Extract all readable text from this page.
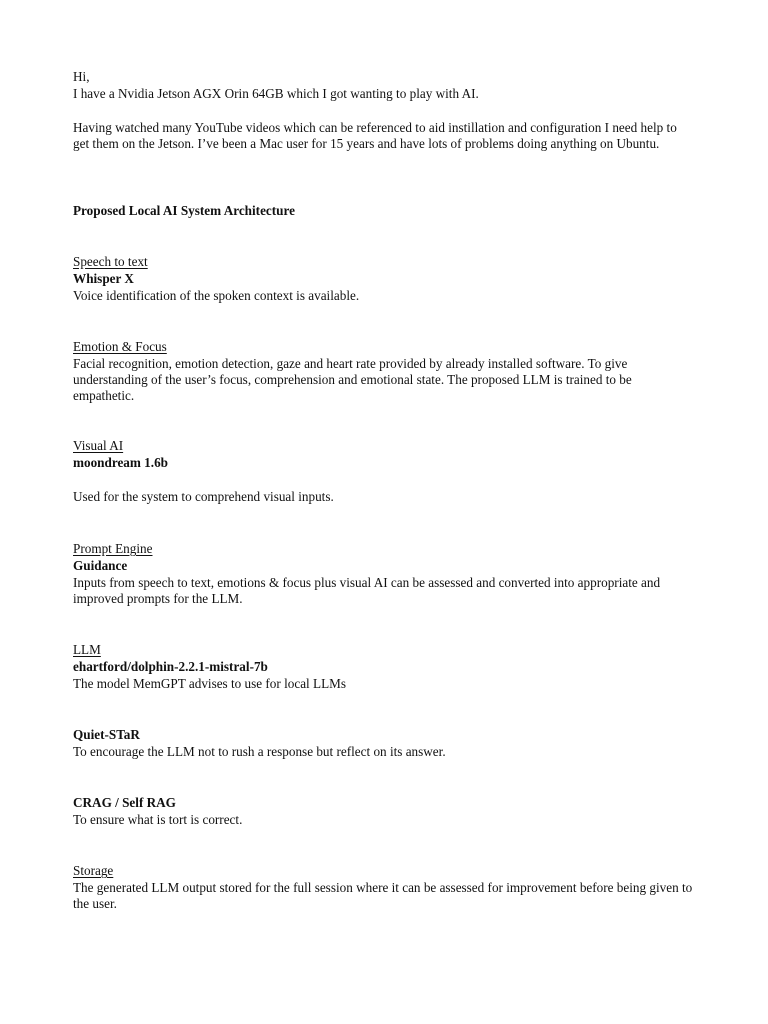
Hi,

I have a Nvidia Jetson AGX Orin 64GB which I got wanting to play with AI.

Having watched many YouTube videos which can be referenced to aid instillation and configuration I need help to get them on the Jetson. I’ve been a Mac user for 15 years and have lots of problems doing anything on Ubuntu.

Proposed Local AI System Architecture

Speech to text

Whisper X

Voice identification of the spoken context is available.

Emotion & Focus

Facial recognition, emotion detection, gaze and heart rate provided by already installed software. To give understanding of the user’s focus, comprehension and emotional state. The proposed LLM is trained to be empathetic.

Visual AI

moondream 1.6b

Used for the system to comprehend visual inputs.

Prompt Engine

Guidance

Inputs from speech to text, emotions & focus plus visual AI can be assessed and converted into appropriate and improved prompts for the LLM.

LLM

ehartford/dolphin-2.2.1-mistral-7b

The model MemGPT advises to use for local LLMs

Quiet-STaR

To encourage the LLM not to rush a response but reflect on its answer.

CRAG / Self RAG

To ensure what is tort is correct.

Storage

The generated LLM output stored for the full session where it can be assessed for improvement before being given to the user.
